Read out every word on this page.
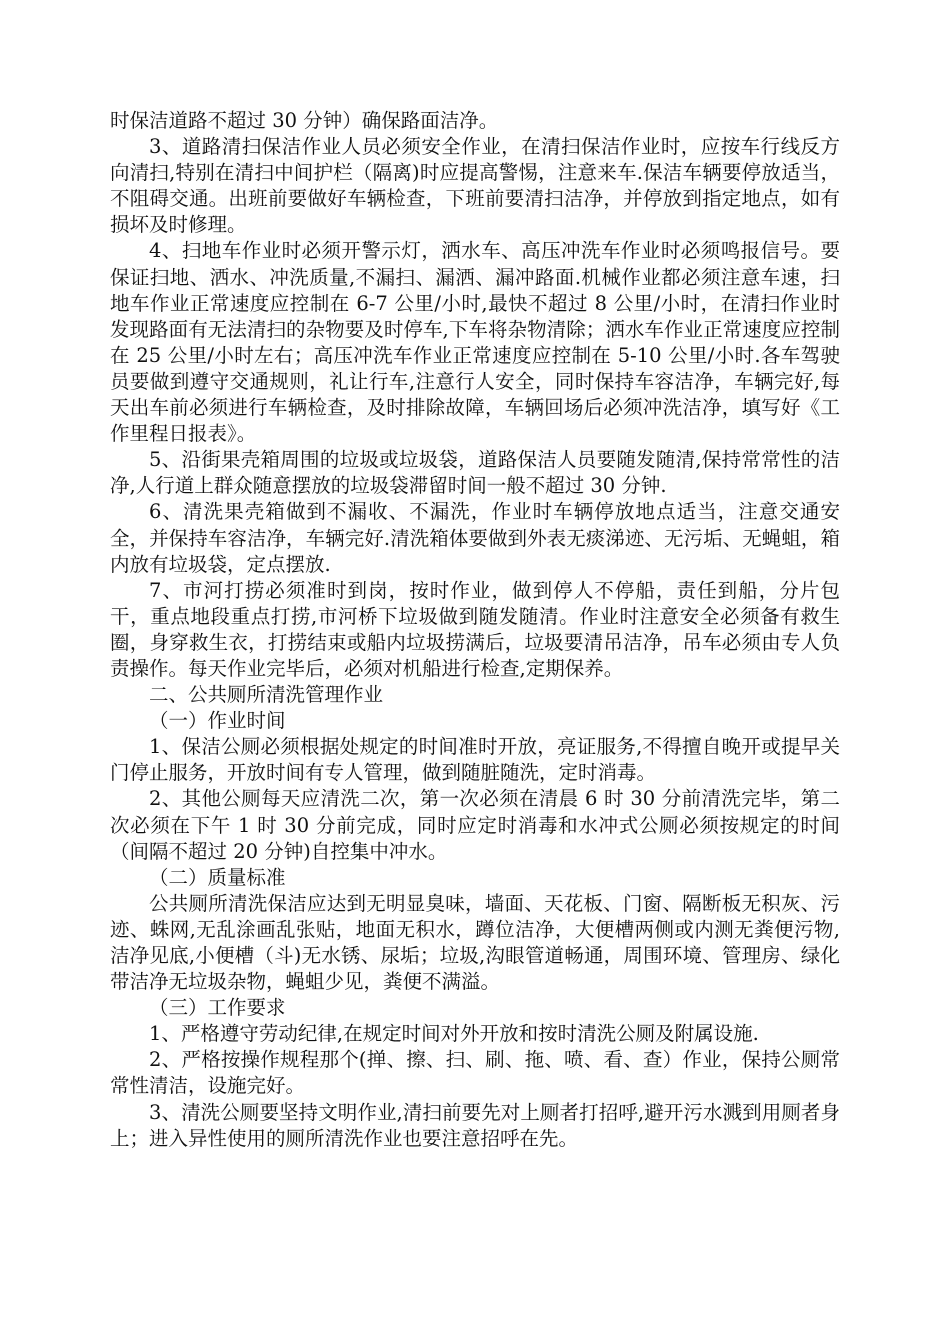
时保洁道路不超过 30 分钟）确保路面洁净。

3、道路清扫保洁作业人员必须安全作业，在清扫保洁作业时，应按车行线反方向清扫,特别在清扫中间护栏（隔离)时应提高警惕，注意来车.保洁车辆要停放适当，不阻碍交通。出班前要做好车辆检查，下班前要清扫洁净，并停放到指定地点，如有损坏及时修理。

4、扫地车作业时必须开警示灯，洒水车、高压冲洗车作业时必须鸣报信号。要保证扫地、洒水、冲洗质量,不漏扫、漏洒、漏冲路面.机械作业都必须注意车速，扫地车作业正常速度应控制在 6-7 公里/小时,最快不超过 8 公里/小时，在清扫作业时发现路面有无法清扫的杂物要及时停车,下车将杂物清除；洒水车作业正常速度应控制在 25 公里/小时左右；高压冲洗车作业正常速度应控制在 5-10 公里/小时.各车驾驶员要做到遵守交通规则，礼让行车,注意行人安全，同时保持车容洁净，车辆完好,每天出车前必须进行车辆检查，及时排除故障，车辆回场后必须冲洗洁净，填写好《工作里程日报表》。

5、沿街果壳箱周围的垃圾或垃圾袋，道路保洁人员要随发随清,保持常常性的洁净,人行道上群众随意摆放的垃圾袋滞留时间一般不超过 30 分钟.

6、清洗果壳箱做到不漏收、不漏洗，作业时车辆停放地点适当，注意交通安全，并保持车容洁净，车辆完好.清洗箱体要做到外表无痰涕迹、无污垢、无蝇蛆，箱内放有垃圾袋，定点摆放.

7、市河打捞必须准时到岗，按时作业，做到停人不停船，责任到船，分片包干，重点地段重点打捞,市河桥下垃圾做到随发随清。作业时注意安全必须备有救生圈，身穿救生衣，打捞结束或船内垃圾捞满后，垃圾要清吊洁净，吊车必须由专人负责操作。每天作业完毕后，必须对机船进行检查,定期保养。

二、公共厕所清洗管理作业

（一）作业时间

1、保洁公厕必须根据处规定的时间准时开放，亮证服务,不得擅自晚开或提早关门停止服务，开放时间有专人管理，做到随脏随洗，定时消毒。

2、其他公厕每天应清洗二次，第一次必须在清晨 6 时 30 分前清洗完毕，第二次必须在下午 1 时 30 分前完成，同时应定时消毒和水冲式公厕必须按规定的时间（间隔不超过 20 分钟)自控集中冲水。

（二）质量标准

公共厕所清洗保洁应达到无明显臭味，墙面、天花板、门窗、隔断板无积灰、污迹、蛛网,无乱涂画乱张贴，地面无积水，蹲位洁净，大便槽两侧或内测无粪便污物,洁净见底,小便槽（斗)无水锈、尿垢；垃圾,沟眼管道畅通，周围环境、管理房、绿化带洁净无垃圾杂物，蝇蛆少见，粪便不满溢。

（三）工作要求

1、严格遵守劳动纪律,在规定时间对外开放和按时清洗公厕及附属设施.

2、严格按操作规程那个(掸、擦、扫、刷、拖、喷、看、查）作业，保持公厕常常性清洁，设施完好。

3、清洗公厕要坚持文明作业,清扫前要先对上厕者打招呼,避开污水溅到用厕者身上；进入异性使用的厕所清洗作业也要注意招呼在先。
